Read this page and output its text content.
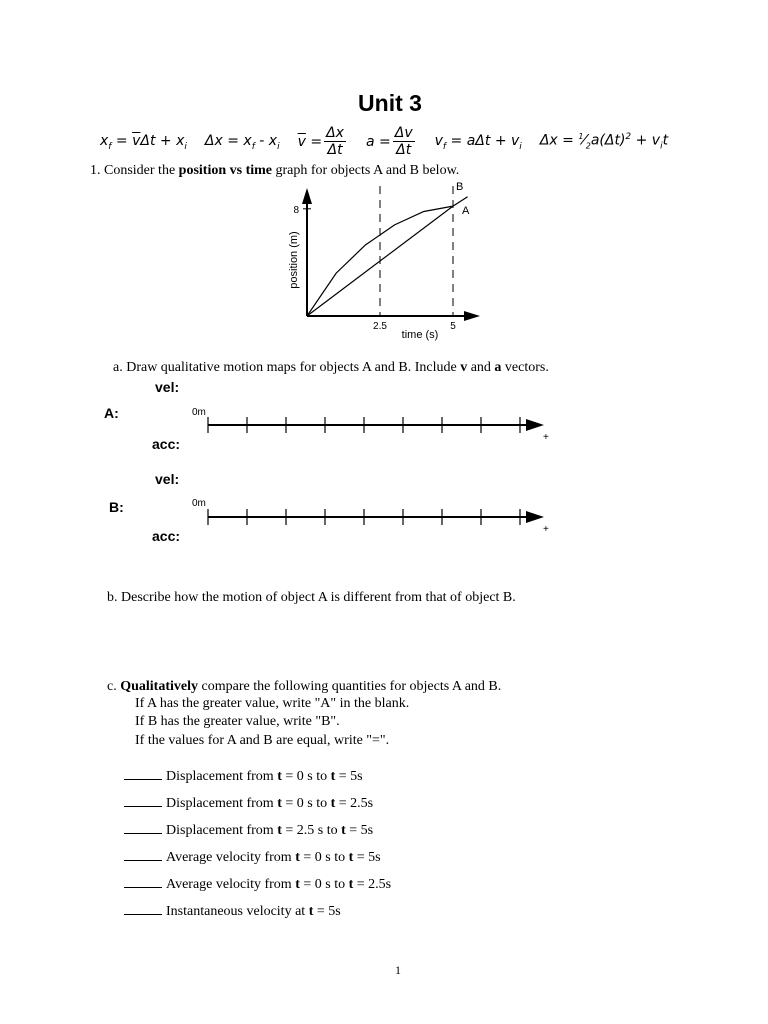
Unit 3
$x_f = \overline{v}\Delta t + x_i$ $\Delta x = x_f - x_i$ $\overline{v} = \frac{\Delta x}{\Delta t}$ $a = \frac{\Delta v}{\Delta t} v_f = a\Delta t + v_i$ $\Delta x = ^1⁄_2a(\Delta t)^2 + v_it$
1. Consider the position vs time graph for objects A and B below.
8
2.5	5
A
B
time (s)
position (m)
a. Draw qualitative motion maps for objects A and B. Include v and a vectors.
vel:
A:	0m
acc:	+
vel:
B:	0m
acc:	+
b. Describe how the motion of object A is different from that of object B.
c. Qualitatively compare the following quantities for objects A and B.
If A has the greater value, write "A" in the blank.
If B has the greater value, write "B".
If the values for A and B are equal, write "=".
Displacement from t = 0 s to t = 5s
Displacement from t = 0 s to t = 2.5s
Displacement from t = 2.5 s to t = 5s
Average velocity from t = 0 s to t = 5s
Average velocity from t = 0 s to t = 2.5s
Instantaneous velocity at t = 5s
1
